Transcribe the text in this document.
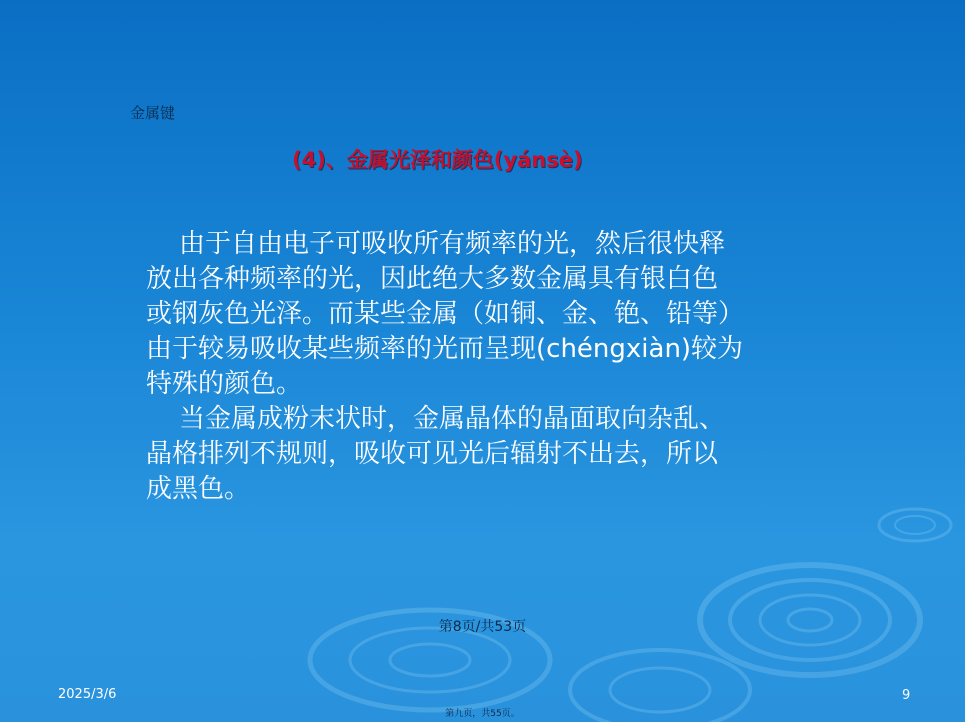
金属键
(4)、金属光泽和颜色(yánsè)

由于自由电子可吸收所有频率的光，然后很快释

放出各种频率的光，因此绝大多数金属具有银白色

或钢灰色光泽。而某些金属（如铜、金、铯、铅等）

由于较易吸收某些频率的光而呈现(chéngxiàn)较为

特殊的颜色。

当金属成粉末状时，金属晶体的晶面取向杂乱、

晶格排列不规则，吸收可见光后辐射不出去，所以

成黑色。

第8页/共53页
2025/3/6	9
第九页，共55页。
